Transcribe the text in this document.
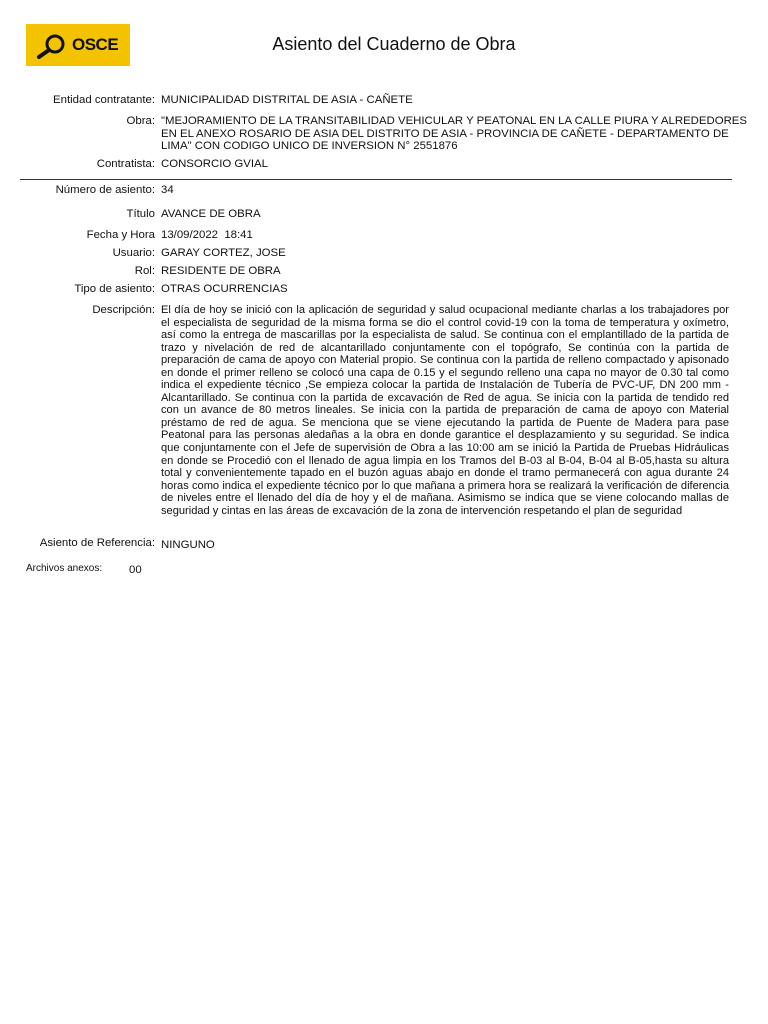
OSCE	Asiento del Cuaderno de Obra
Entidad contratante: MUNICIPALIDAD DISTRITAL DE ASIA - CAÑETE
Obra: "MEJORAMIENTO DE LA TRANSITABILIDAD VEHICULAR Y PEATONAL EN LA CALLE PIURA Y ALREDEDORES EN EL ANEXO ROSARIO DE ASIA DEL DISTRITO DE ASIA - PROVINCIA DE CAÑETE - DEPARTAMENTO DE LIMA" CON CODIGO UNICO DE INVERSION N° 2551876
Contratista: CONSORCIO GVIAL
Número de asiento: 34
Título AVANCE DE OBRA
Fecha y Hora 13/09/2022  18:41
Usuario: GARAY CORTEZ, JOSE
Rol: RESIDENTE DE OBRA
Tipo de asiento: OTRAS OCURRENCIAS
Descripción: El día de hoy se inició con la aplicación de seguridad y salud ocupacional mediante charlas a los trabajadores por el especialista de seguridad de la misma forma se dio el control covid-19 con la toma de temperatura y oxímetro, así como la entrega de mascarillas por la especialista de salud. Se continua con el emplantillado de la partida de trazo y nivelación de red de alcantarillado conjuntamente con el topógrafo, Se continúa con la partida de preparación de cama de apoyo con Material propio. Se continua con la partida de relleno compactado y apisonado en donde el primer relleno se colocó una capa de 0.15 y el segundo relleno una capa no mayor de 0.30 tal como indica el expediente técnico ,Se empieza colocar la partida de Instalación de Tubería de PVC-UF, DN 200 mm -Alcantarillado. Se continua con la partida de excavación de Red de agua. Se inicia con la partida de tendido red con un avance de 80 metros lineales. Se inicia con la partida de preparación de cama de apoyo con Material préstamo de red de agua. Se menciona que se viene ejecutando la partida de Puente de Madera para pase Peatonal para las personas aledañas a la obra en donde garantice el desplazamiento y su seguridad. Se indica que conjuntamente con el Jefe de supervisión de Obra a las 10:00 am se inició la Partida de Pruebas Hidráulicas en donde se Procedió con el llenado de agua limpia en los Tramos del B-03 al B-04, B-04 al B-05,hasta su altura total y convenientemente tapado en el buzón aguas abajo en donde el tramo permanecerá con agua durante 24 horas como indica el expediente técnico por lo que mañana a primera hora se realizará la verificación de diferencia de niveles entre el llenado del día de hoy y el de mañana. Asimismo se indica que se viene colocando mallas de seguridad y cintas en las áreas de excavación de la zona de intervención respetando el plan de seguridad
Asiento de Referencia: NINGUNO
Archivos anexos: 00
